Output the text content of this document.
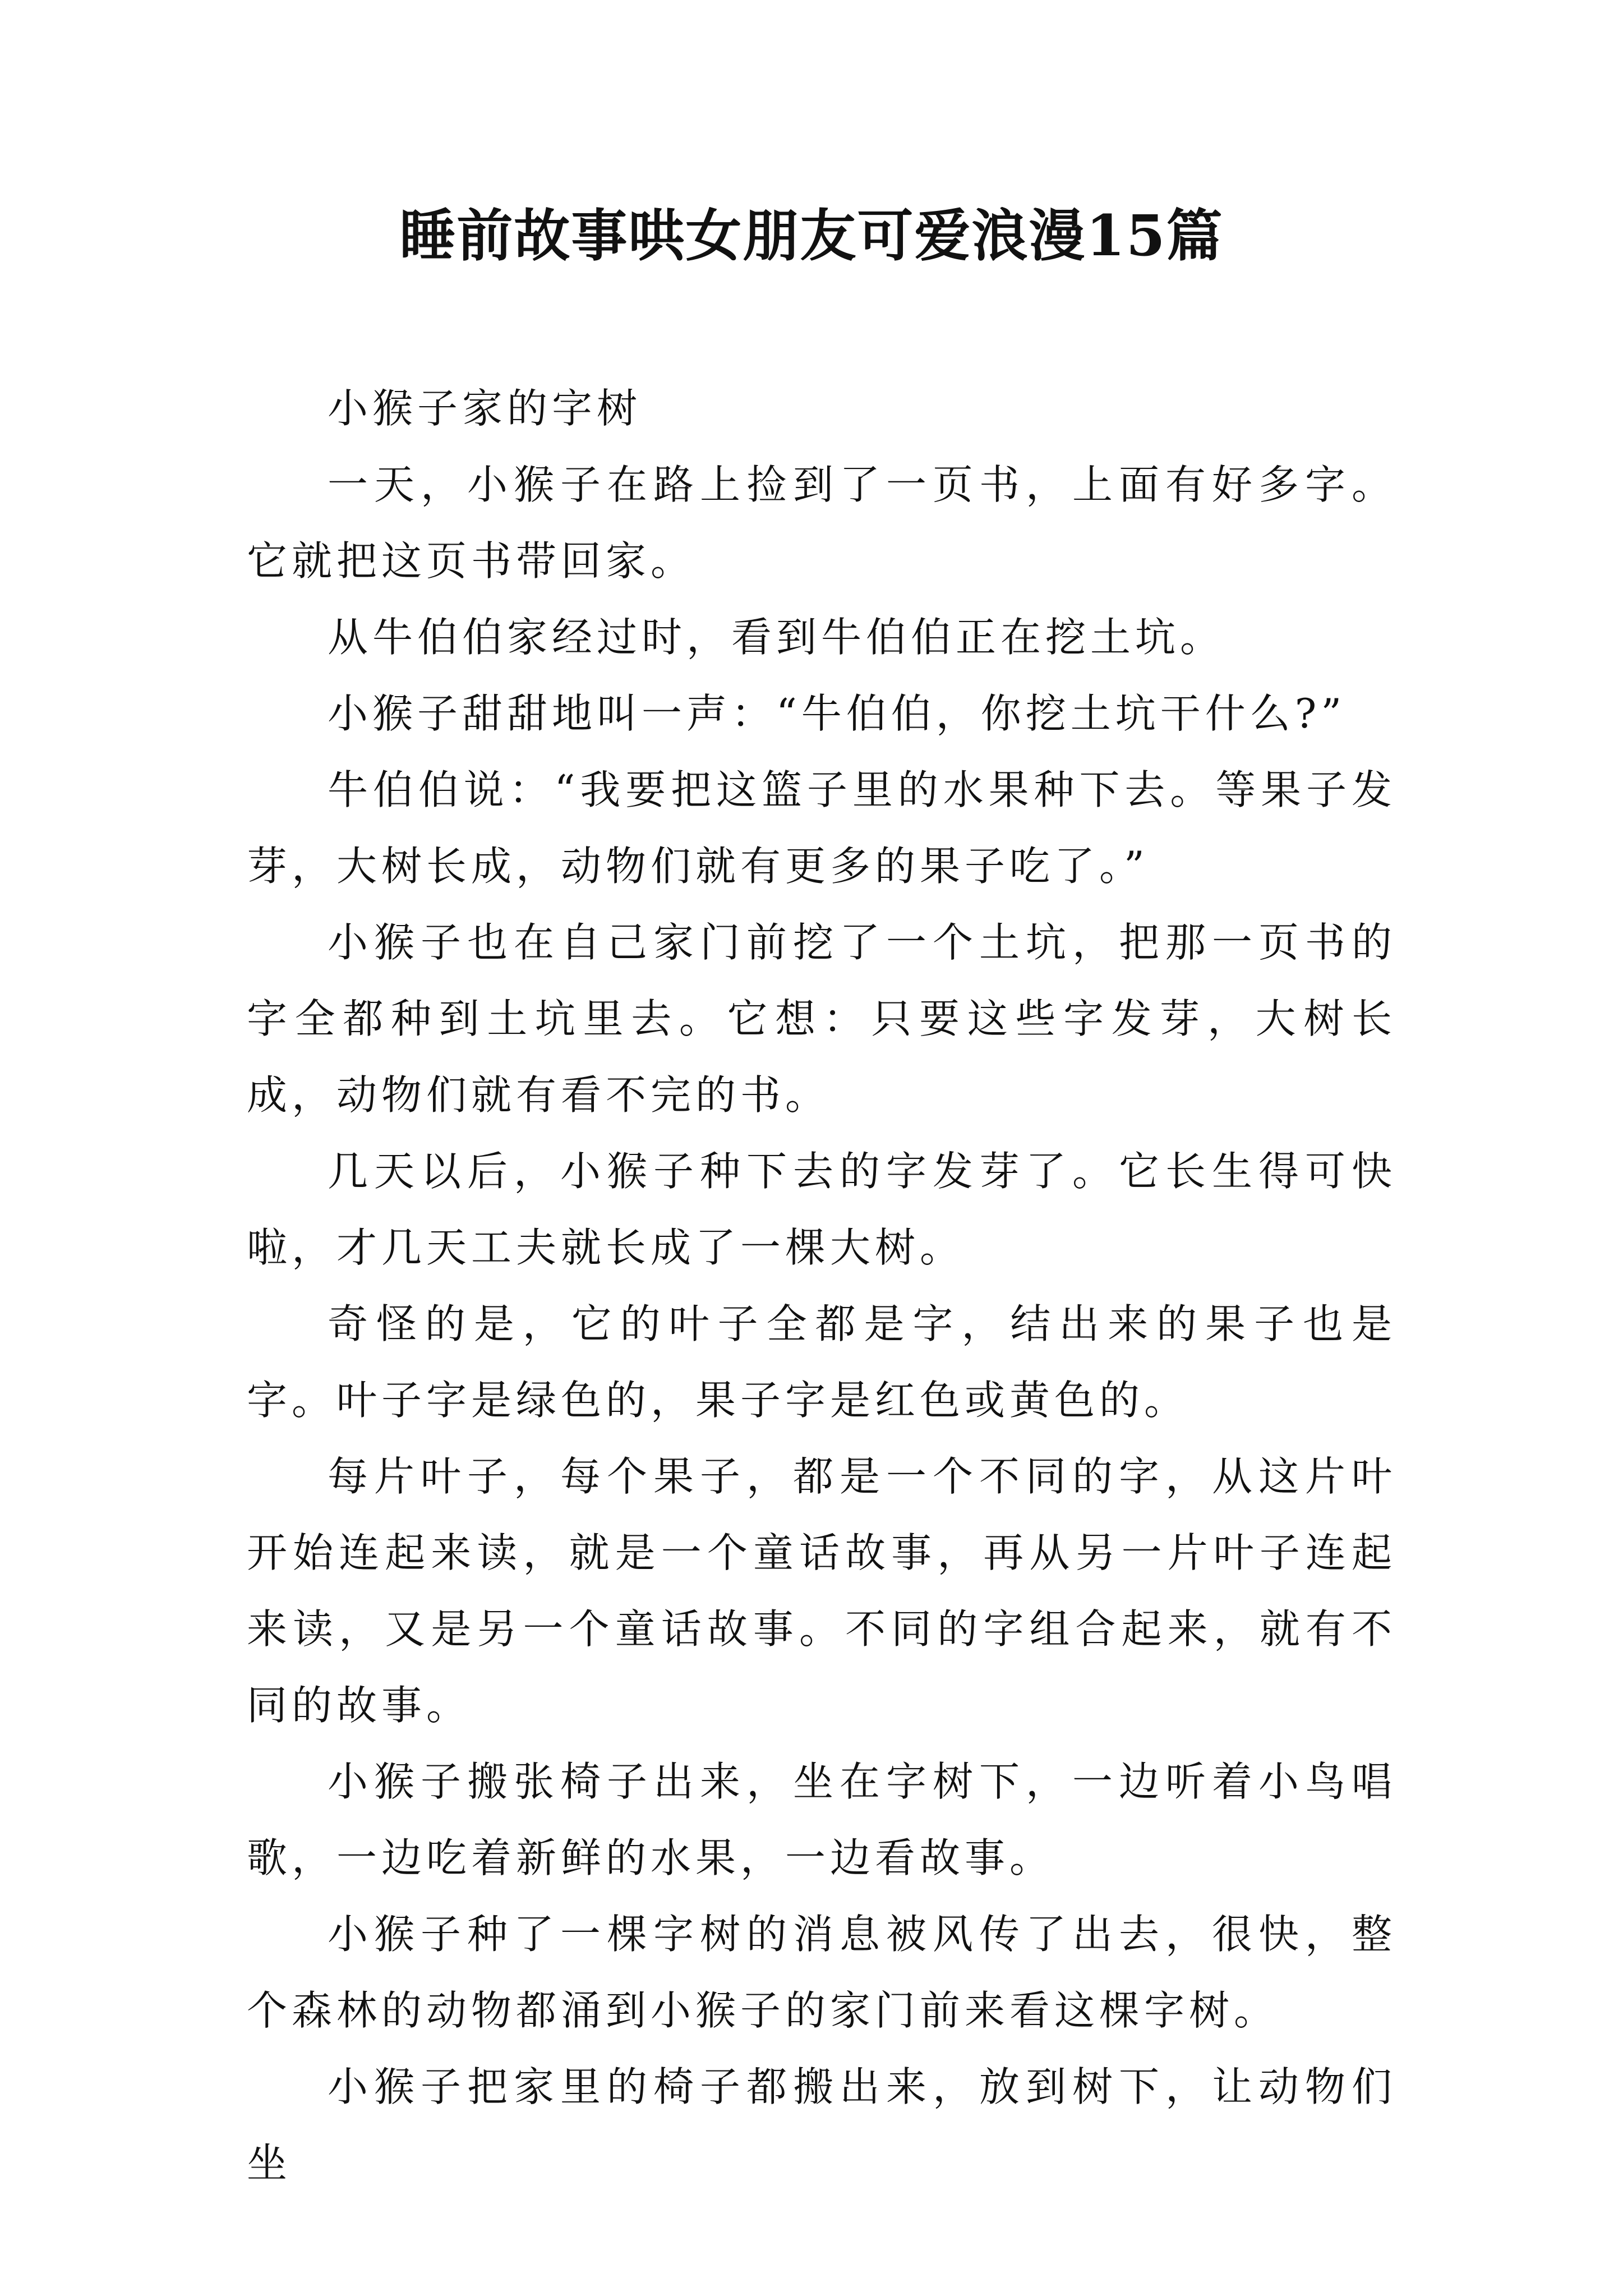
睡前故事哄女朋友可爱浪漫15篇

小猴子家的字树

一天，小猴子在路上捡到了一页书，上面有好多字。它就把这页书带回家。

从牛伯伯家经过时，看到牛伯伯正在挖土坑。

小猴子甜甜地叫一声：“牛伯伯，你挖土坑干什么?”

牛伯伯说：“我要把这篮子里的水果种下去。等果子发芽，大树长成，动物们就有更多的果子吃了。”

小猴子也在自己家门前挖了一个土坑，把那一页书的字全都种到土坑里去。它想：只要这些字发芽，大树长成，动物们就有看不完的书。

几天以后，小猴子种下去的字发芽了。它长生得可快啦，才几天工夫就长成了一棵大树。

奇怪的是，它的叶子全都是字，结出来的果子也是字。叶子字是绿色的，果子字是红色或黄色的。

每片叶子，每个果子，都是一个不同的字，从这片叶开始连起来读，就是一个童话故事，再从另一片叶子连起来读，又是另一个童话故事。不同的字组合起来，就有不同的故事。

小猴子搬张椅子出来，坐在字树下，一边听着小鸟唱歌，一边吃着新鲜的水果，一边看故事。

小猴子种了一棵字树的消息被风传了出去，很快，整个森林的动物都涌到小猴子的家门前来看这棵字树。

小猴子把家里的椅子都搬出来，放到树下，让动物们坐
